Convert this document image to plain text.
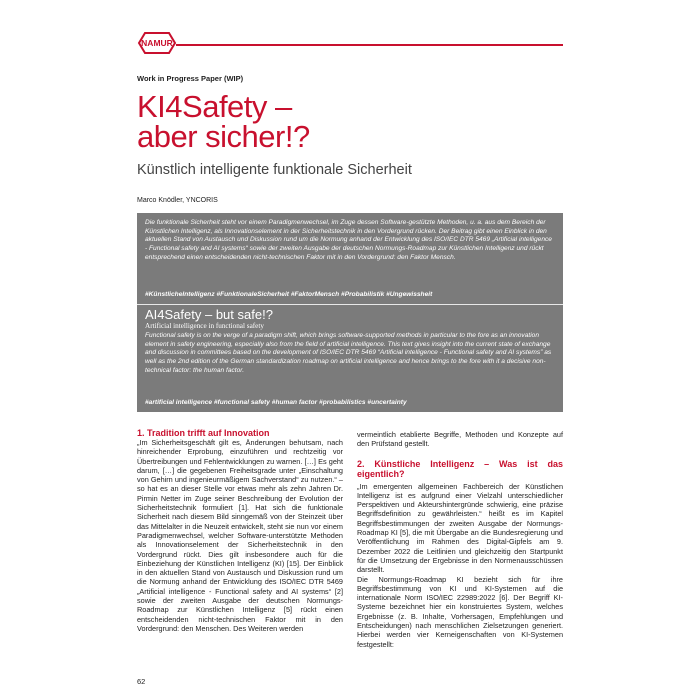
NAMUR
Work in Progress Paper (WIP)
KI4Safety –
aber sicher!?
Künstlich intelligente funktionale Sicherheit
Marco Knödler, YNCORIS
Die funktionale Sicherheit steht vor einem Paradigmenwechsel, im Zuge dessen Software-gestützte Methoden, u. a. aus dem Bereich der Künstlichen Intelligenz, als Innovationselement in der Sicherheitstechnik in den Vordergrund rücken. Der Beitrag gibt einen Einblick in den aktuellen Stand von Austausch und Diskussion rund um die Normung anhand der Entwicklung des ISO/IEC DTR 5469 „Artificial intelligence - Functional safety and AI systems“ sowie der zweiten Ausgabe der deutschen Normungs-Roadmap zur Künstlichen Intelligenz und rückt entsprechend einen entscheidenden nicht-technischen Faktor mit in den Vordergrund: den Faktor Mensch.
#KünstlicheIntelligenz #FunktionaleSicherheit #FaktorMensch #Probabilistik #Ungewissheit
AI4Safety – but safe!?
Artificial intelligence in functional safety
Functional safety is on the verge of a paradigm shift, which brings software-supported methods in particular to the fore as an innovation element in safety engineering, especially also from the field of artificial intelligence. This text gives insight into the current state of exchange and discussion in committees based on the development of ISO/IEC DTR 5469 “Artificial intelligence - Functional safety and AI systems” as well as the 2nd edition of the German standardization roadmap on artificial intelligence and hence brings to the fore with it a decisive non-technical factor: the human factor.
#artificial intelligence #functional safety #human factor #probabilistics #uncertainty
1. Tradition trifft auf Innovation

„Im Sicherheitsgeschäft gilt es, Änderungen behutsam, nach hinreichender Erprobung, einzuführen und rechtzeitig vor Übertreibungen und Fehlentwicklungen zu warnen. […] Es geht darum, […] die gegebenen Freiheitsgrade unter „Einschaltung von Gehirn und ingenieurmäßigem Sachverstand“ zu nutzen.“ – so hat es an dieser Stelle vor etwas mehr als zehn Jahren Dr. Pirmin Netter im Zuge seiner Beschreibung der Evolution der Sicherheitstechnik formuliert [1]. Hat sich die funktionale Sicherheit nach diesem Bild sinngemäß von der Steinzeit über das Mittelalter in die Neuzeit entwickelt, steht sie nun vor einem Paradigmenwechsel, welcher Software-unterstützte Methoden als Innovationselement der Sicherheitstechnik in den Vordergrund rückt. Dies gilt insbesondere auch für die Einbeziehung der Künstlichen Intelligenz (KI) [15]. Der Einblick in den aktuellen Stand von Austausch und Diskussion rund um die Normung anhand der Entwicklung des ISO/IEC DTR 5469 „Artificial intelligence - Functional safety and AI systems“ [2] sowie der zweiten Ausgabe der deutschen Normungs-Roadmap zur Künstlichen Intelligenz [5] rückt einen entscheidenden nicht-technischen Faktor mit in den Vordergrund: den Menschen. Des Weiteren werden

vermeintlich etablierte Begriffe, Methoden und Konzepte auf den Prüfstand gestellt.

2. Künstliche Intelligenz – Was ist das eigentlich?

„Im emergenten allgemeinen Fachbereich der Künstlichen Intelligenz ist es aufgrund einer Vielzahl unterschiedlicher Perspektiven und Akteurshintergründe schwierig, eine präzise Begriffsdefinition zu gewährleisten.“ heißt es im Kapitel Begriffsbestimmungen der zweiten Ausgabe der Normungs-Roadmap KI [5], die mit Übergabe an die Bundesregierung und Veröffentlichung im Rahmen des Digital-Gipfels am 9. Dezember 2022 die Leitlinien und gleichzeitig den Startpunkt für die Umsetzung der Ergebnisse in den Normenausschüssen darstellt.

Die Normungs-Roadmap KI bezieht sich für ihre Begriffsbestimmung von KI und KI-Systemen auf die internationale Norm ISO/IEC 22989:2022 [6]. Der Begriff KI-Systeme bezeichnet hier ein konstruiertes System, welches Ergebnisse (z. B. Inhalte, Vorhersagen, Empfehlungen und Entscheidungen) nach menschlichen Zielsetzungen generiert. Hierbei werden vier Kerneigenschaften von KI-Systemen festgestellt:

62
